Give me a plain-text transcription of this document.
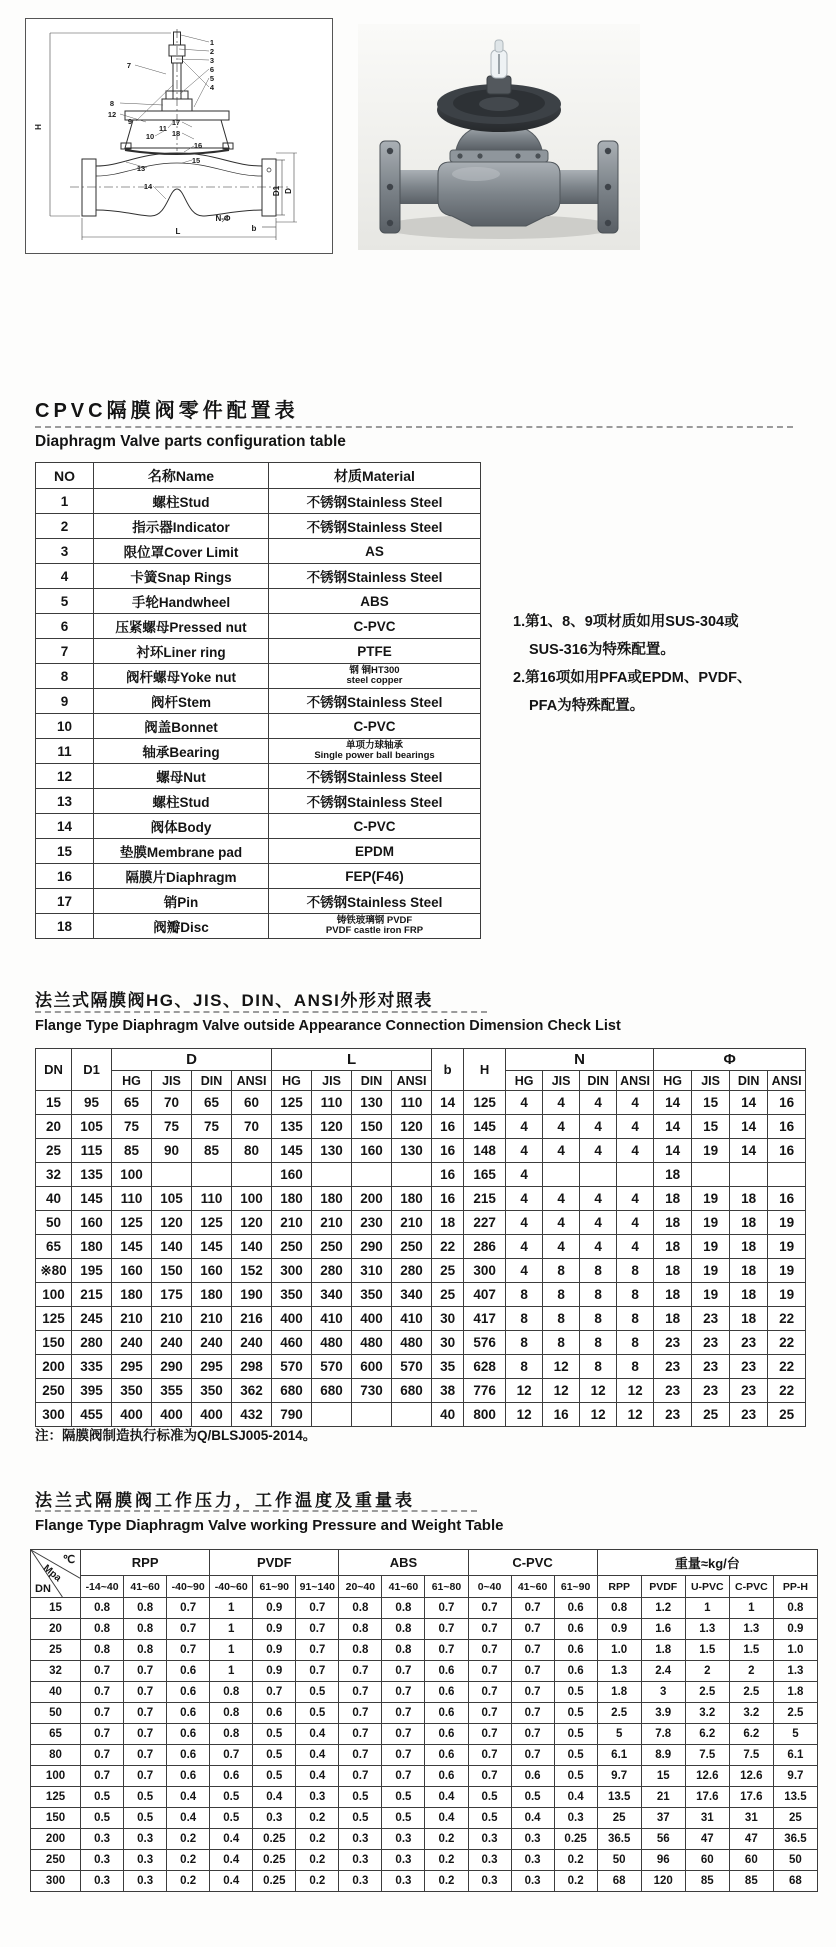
1
2
3
6
5
4
7
12
9
8
17
18
16
15
10
11
13
14
H
D1 D
L
N-Φ
b
CPVC隔膜阀零件配置表
Diaphragm Valve parts configuration table
NO	名称Name	材质Material
1	螺柱Stud	不锈钢Stainless Steel
2	指示器Indicator	不锈钢Stainless Steel
3	限位罩Cover Limit	AS
4	卡簧Snap Rings	不锈钢Stainless Steel
5	手轮Handwheel	ABS
6	压紧螺母Pressed nut	C-PVC
7	衬环Liner ring	PTFE
8	阀杆螺母Yoke nut	钢 铜HT300
steel copper

9	阀杆Stem	不锈钢Stainless Steel
10	阀盖Bonnet	C-PVC
11	轴承Bearing	单项力球轴承
Single power ball bearings

12	螺母Nut	不锈钢Stainless Steel
13	螺柱Stud	不锈钢Stainless Steel
14	阀体Body	C-PVC
15	垫膜Membrane pad	EPDM
16	隔膜片Diaphragm	FEP(F46)
17	销Pin	不锈钢Stainless Steel
18	阀瓣Disc	铸铁玻璃钢 PVDF
PVDF castle iron FRP
1.第1、8、9项材质如用SUS-304或
SUS-316为特殊配置。
2.第16项如用PFA或EPDM、PVDF、
PFA为特殊配置。
法兰式隔膜阀HG、JIS、DIN、ANSI外形对照表
Flange Type Diaphragm Valve outside Appearance Connection Dimension Check List
DN	D1	D				L				b	H	N				Φ			
		HG	JIS	DIN	ANSI	HG	JIS	DIN	ANSI			HG	JIS	DIN	ANSI	HG	JIS	DIN	ANSI
15	95	65	70	65	60	125	110	130	110	14	125	4	4	4	4	14	15	14	16
20	105	75	75	75	70	135	120	150	120	16	145	4	4	4	4	14	15	14	16
25	115	85	90	85	80	145	130	160	130	16	148	4	4	4	4	14	19	14	16
32	135	100				160				16	165	4				18			
40	145	110	105	110	100	180	180	200	180	16	215	4	4	4	4	18	19	18	16
50	160	125	120	125	120	210	210	230	210	18	227	4	4	4	4	18	19	18	19
65	180	145	140	145	140	250	250	290	250	22	286	4	4	4	4	18	19	18	19
※80	195	160	150	160	152	300	280	310	280	25	300	4	8	8	8	18	19	18	19
100	215	180	175	180	190	350	340	350	340	25	407	8	8	8	8	18	19	18	19
125	245	210	210	210	216	400	410	400	410	30	417	8	8	8	8	18	23	18	22
150	280	240	240	240	240	460	480	480	480	30	576	8	8	8	8	23	23	23	22
200	335	295	290	295	298	570	570	600	570	35	628	8	12	8	8	23	23	23	22
250	395	350	355	350	362	680	680	730	680	38	776	12	12	12	12	23	23	23	22
300	455	400	400	400	432	790				40	800	12	16	12	12	23	25	23	25
注：隔膜阀制造执行标准为Q/BLSJ005-2014。
法兰式隔膜阀工作压力，工作温度及重量表
Flange Type Diaphragm Valve working Pressure and Weight Table
℃
Mpa
DN	RPP			PVDF			ABS			C-PVC			重量≈kg/台				
	-14~40	41~60	-40~90	-40~60	61~90	91~140	20~40	41~60	61~80	0~40	41~60	61~90	RPP	PVDF	U-PVC	C-PVC	PP-H
15	0.8	0.8	0.7	1	0.9	0.7	0.8	0.8	0.7	0.7	0.7	0.6	0.8	1.2	1	1	0.8
20	0.8	0.8	0.7	1	0.9	0.7	0.8	0.8	0.7	0.7	0.7	0.6	0.9	1.6	1.3	1.3	0.9
25	0.8	0.8	0.7	1	0.9	0.7	0.8	0.8	0.7	0.7	0.7	0.6	1.0	1.8	1.5	1.5	1.0
32	0.7	0.7	0.6	1	0.9	0.7	0.7	0.7	0.6	0.7	0.7	0.6	1.3	2.4	2	2	1.3
40	0.7	0.7	0.6	0.8	0.7	0.5	0.7	0.7	0.6	0.7	0.7	0.5	1.8	3	2.5	2.5	1.8
50	0.7	0.7	0.6	0.8	0.6	0.5	0.7	0.7	0.6	0.7	0.7	0.5	2.5	3.9	3.2	3.2	2.5
65	0.7	0.7	0.6	0.8	0.5	0.4	0.7	0.7	0.6	0.7	0.7	0.5	5	7.8	6.2	6.2	5
80	0.7	0.7	0.6	0.7	0.5	0.4	0.7	0.7	0.6	0.7	0.7	0.5	6.1	8.9	7.5	7.5	6.1
100	0.7	0.7	0.6	0.6	0.5	0.4	0.7	0.7	0.6	0.7	0.6	0.5	9.7	15	12.6	12.6	9.7
125	0.5	0.5	0.4	0.5	0.4	0.3	0.5	0.5	0.4	0.5	0.5	0.4	13.5	21	17.6	17.6	13.5
150	0.5	0.5	0.4	0.5	0.3	0.2	0.5	0.5	0.4	0.5	0.4	0.3	25	37	31	31	25
200	0.3	0.3	0.2	0.4	0.25	0.2	0.3	0.3	0.2	0.3	0.3	0.25	36.5	56	47	47	36.5
250	0.3	0.3	0.2	0.4	0.25	0.2	0.3	0.3	0.2	0.3	0.3	0.2	50	96	60	60	50
300	0.3	0.3	0.2	0.4	0.25	0.2	0.3	0.3	0.2	0.3	0.3	0.2	68	120	85	85	68
